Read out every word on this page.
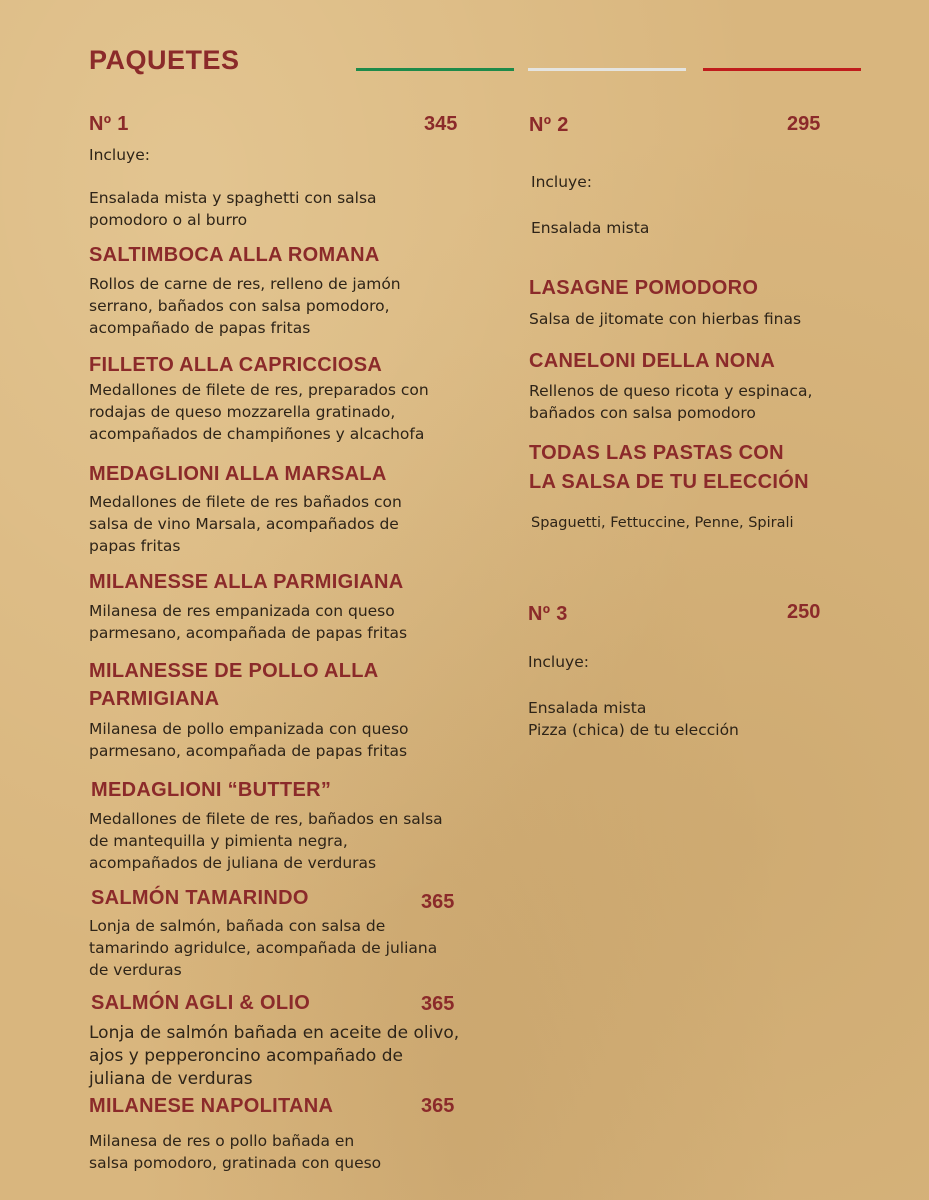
PAQUETES
Nº 1	345
Incluye:
Ensalada mista y spaghetti con salsa
pomodoro o al burro
SALTIMBOCA ALLA ROMANA
Rollos de carne de res, relleno de jamón
serrano, bañados con salsa pomodoro,
acompañado de papas fritas
FILLETO ALLA CAPRICCIOSA
Medallones de filete de res, preparados con
rodajas de queso mozzarella gratinado,
acompañados de champiñones y alcachofa
MEDAGLIONI ALLA MARSALA
Medallones de filete de res bañados con
salsa de vino Marsala, acompañados de
papas fritas
MILANESSE ALLA PARMIGIANA
Milanesa de res empanizada con queso
parmesano, acompañada de papas fritas
MILANESSE DE POLLO ALLA
PARMIGIANA
Milanesa de pollo empanizada con queso
parmesano, acompañada de papas fritas
MEDAGLIONI “BUTTER”
Medallones de filete de res, bañados en salsa
de mantequilla y pimienta negra,
acompañados de juliana de verduras
SALMÓN TAMARINDO	365
Lonja de salmón, bañada con salsa de
tamarindo agridulce, acompañada de juliana
de verduras
SALMÓN AGLI & OLIO	365
Lonja de salmón bañada en aceite de olivo,
ajos y pepperoncino acompañado de
juliana de verduras
MILANESE NAPOLITANA	365
Milanesa de res o pollo bañada en
salsa pomodoro, gratinada con queso
Nº 2	295
Incluye:
Ensalada mista
LASAGNE POMODORO
Salsa de jitomate con hierbas finas
CANELONI DELLA NONA
Rellenos de queso ricota y espinaca,
bañados con salsa pomodoro
TODAS LAS PASTAS CON
LA SALSA DE TU ELECCIÓN
Spaguetti, Fettuccine, Penne, Spirali
Nº 3	250
Incluye:
Ensalada mista
Pizza (chica) de tu elección
